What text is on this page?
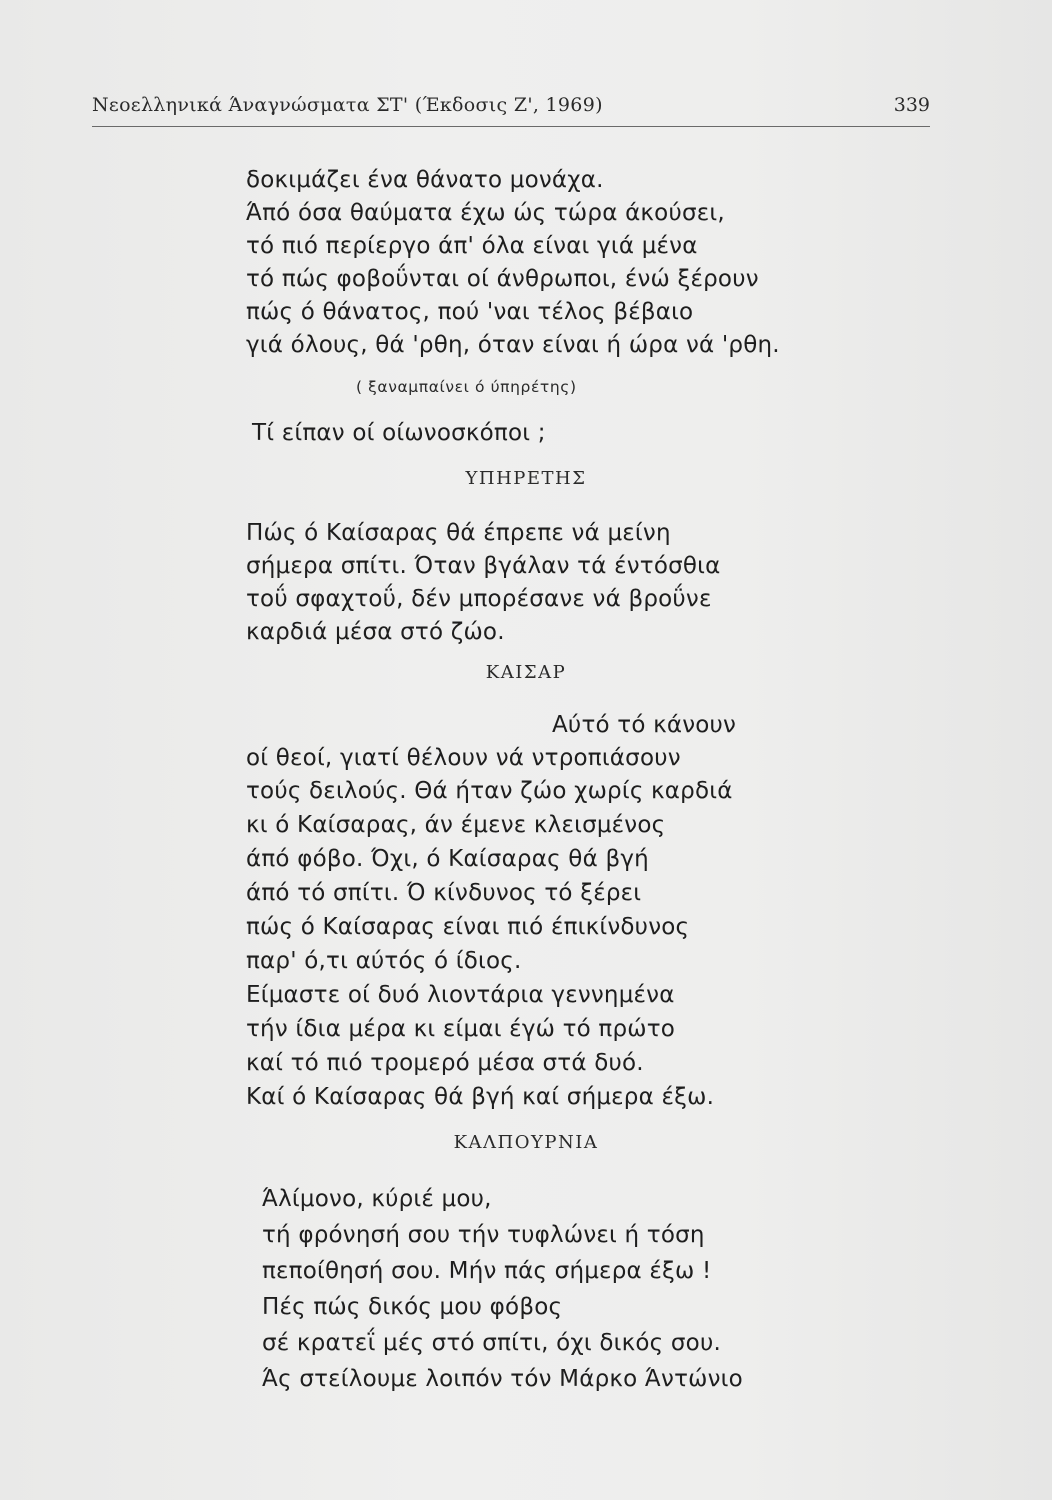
Νεοελληνικά Άναγνώσματα ΣΤ' (Έκδοσις Ζ', 1969)	339
δοκιμάζει ένα θάνατο μονάχα.
Άπό όσα θαύματα έχω ώς τώρα άκούσει,
τό πιό περίεργο άπ' όλα είναι γιά μένα
τό πώς φοβοΰνται οί άνθρωποι, ένώ ξέρουν
πώς ό θάνατος, πού 'ναι τέλος βέβαιο
γιά όλους, θά 'ρθη, όταν είναι ή ώρα νά 'ρθη.
( ξαναμπαίνει ό ύπηρέτης)
Τί είπαν οί οίωνοσκόποι ;
ΥΠΗΡΕΤΗΣ
Πώς ό Καίσαρας θά έπρεπε νά μείνη
σήμερα σπίτι. Όταν βγάλαν τά έντόσθια
τοΰ σφαχτοΰ, δέν μπορέσανε νά βροΰνε
καρδιά μέσα στό ζώο.
ΚΑΙΣΑΡ
Αύτό τό κάνουν
οί θεοί, γιατί θέλουν νά ντροπιάσουν
τούς δειλούς. Θά ήταν ζώο χωρίς καρδιά
κι ό Καίσαρας, άν έμενε κλεισμένος
άπό φόβο. Όχι, ό Καίσαρας θά βγή
άπό τό σπίτι. Ό κίνδυνος τό ξέρει
πώς ό Καίσαρας είναι πιό έπικίνδυνος
παρ' ό,τι αύτός ό ίδιος.
Είμαστε οί δυό λιοντάρια γεννημένα
τήν ίδια μέρα κι είμαι έγώ τό πρώτο
καί τό πιό τρομερό μέσα στά δυό.
Καί ό Καίσαρας θά βγή καί σήμερα έξω.
ΚΑΛΠΟΥΡΝΙΑ
Άλίμονο, κύριέ μου,
τή φρόνησή σου τήν τυφλώνει ή τόση
πεποίθησή σου. Μήν πάς σήμερα έξω !
Πές πώς δικός μου φόβος
σέ κρατεΐ μές στό σπίτι, όχι δικός σου.
Άς στείλουμε λοιπόν τόν Μάρκο Άντώνιο
